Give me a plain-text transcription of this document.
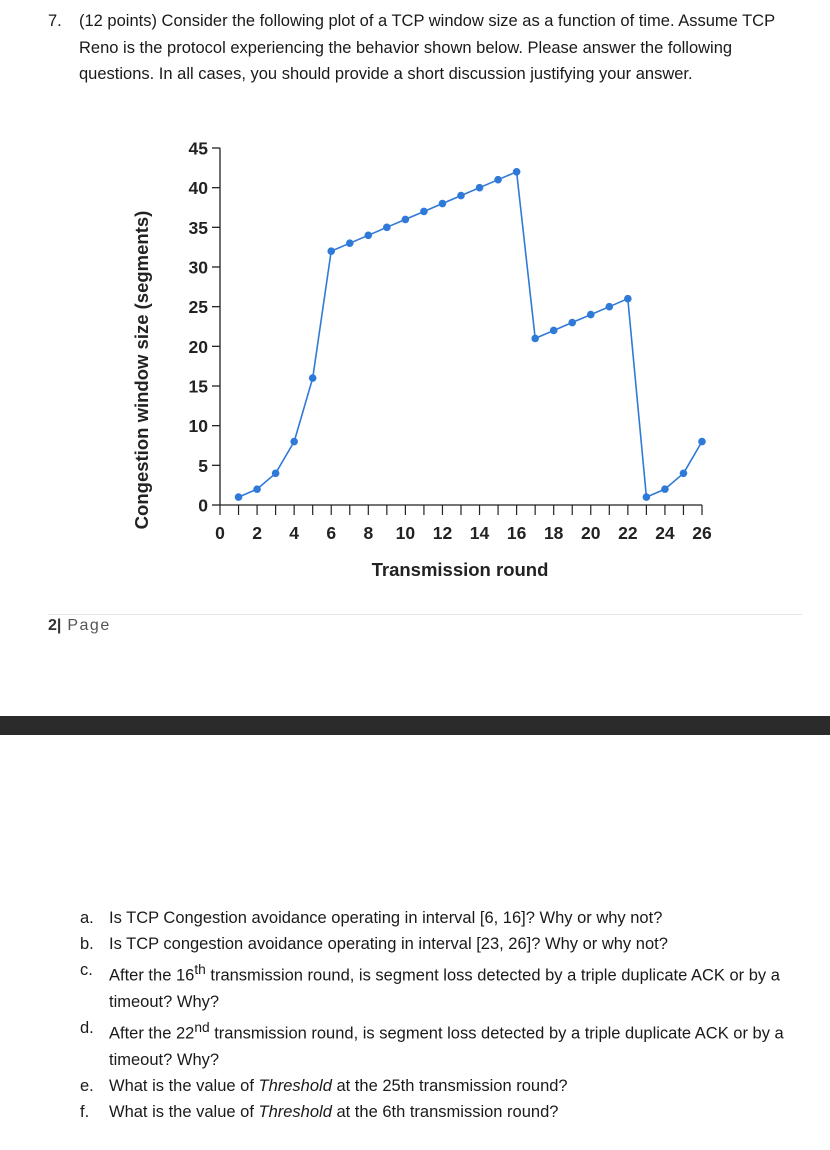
7. (12 points) Consider the following plot of a TCP window size as a function of time. Assume TCP Reno is the protocol experiencing the behavior shown below. Please answer the following questions. In all cases, you should provide a short discussion justifying your answer.
0
5
10
15
20
25
30
35
40
45
0 2 4 6 8 10 12 14 16 18 20 22 24 26
Transmission round
Congestion window size (segments)
2| Page
a. Is TCP Congestion avoidance operating in interval [6, 16]? Why or why not?
b. Is TCP congestion avoidance operating in interval [23, 26]? Why or why not?
c. After the 16th transmission round, is segment loss detected by a triple duplicate ACK or by a timeout? Why?
d. After the 22nd transmission round, is segment loss detected by a triple duplicate ACK or by a timeout? Why?
e. What is the value of Threshold at the 25th transmission round?
f. What is the value of Threshold at the 6th transmission round?
